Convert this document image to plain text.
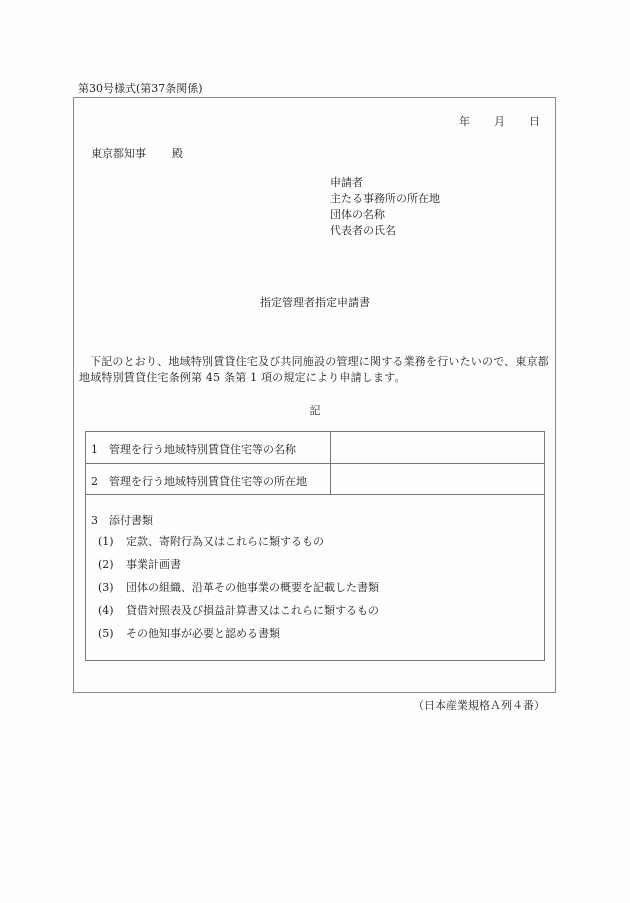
第30号様式(第37条関係)
年 月 日
東京都知事 殿
申請者
主たる事務所の所在地
団体の名称
代表者の氏名
指定管理者指定申請書
下記のとおり、地域特別賃貸住宅及び共同施設の管理に関する業務を行いたいので、東京都地域特別賃貸住宅条例第 45 条第 1 項の規定により申請します。
記
1　管理を行う地域特別賃貸住宅等の名称
2　管理を行う地域特別賃貸住宅等の所在地
3　添付書類
(1) 定款、寄附行為又はこれらに類するもの
(2) 事業計画書
(3) 団体の組織、沿革その他事業の概要を記載した書類
(4) 貸借対照表及び損益計算書又はこれらに類するもの
(5) その他知事が必要と認める書類
（日本産業規格Ａ列４番）
